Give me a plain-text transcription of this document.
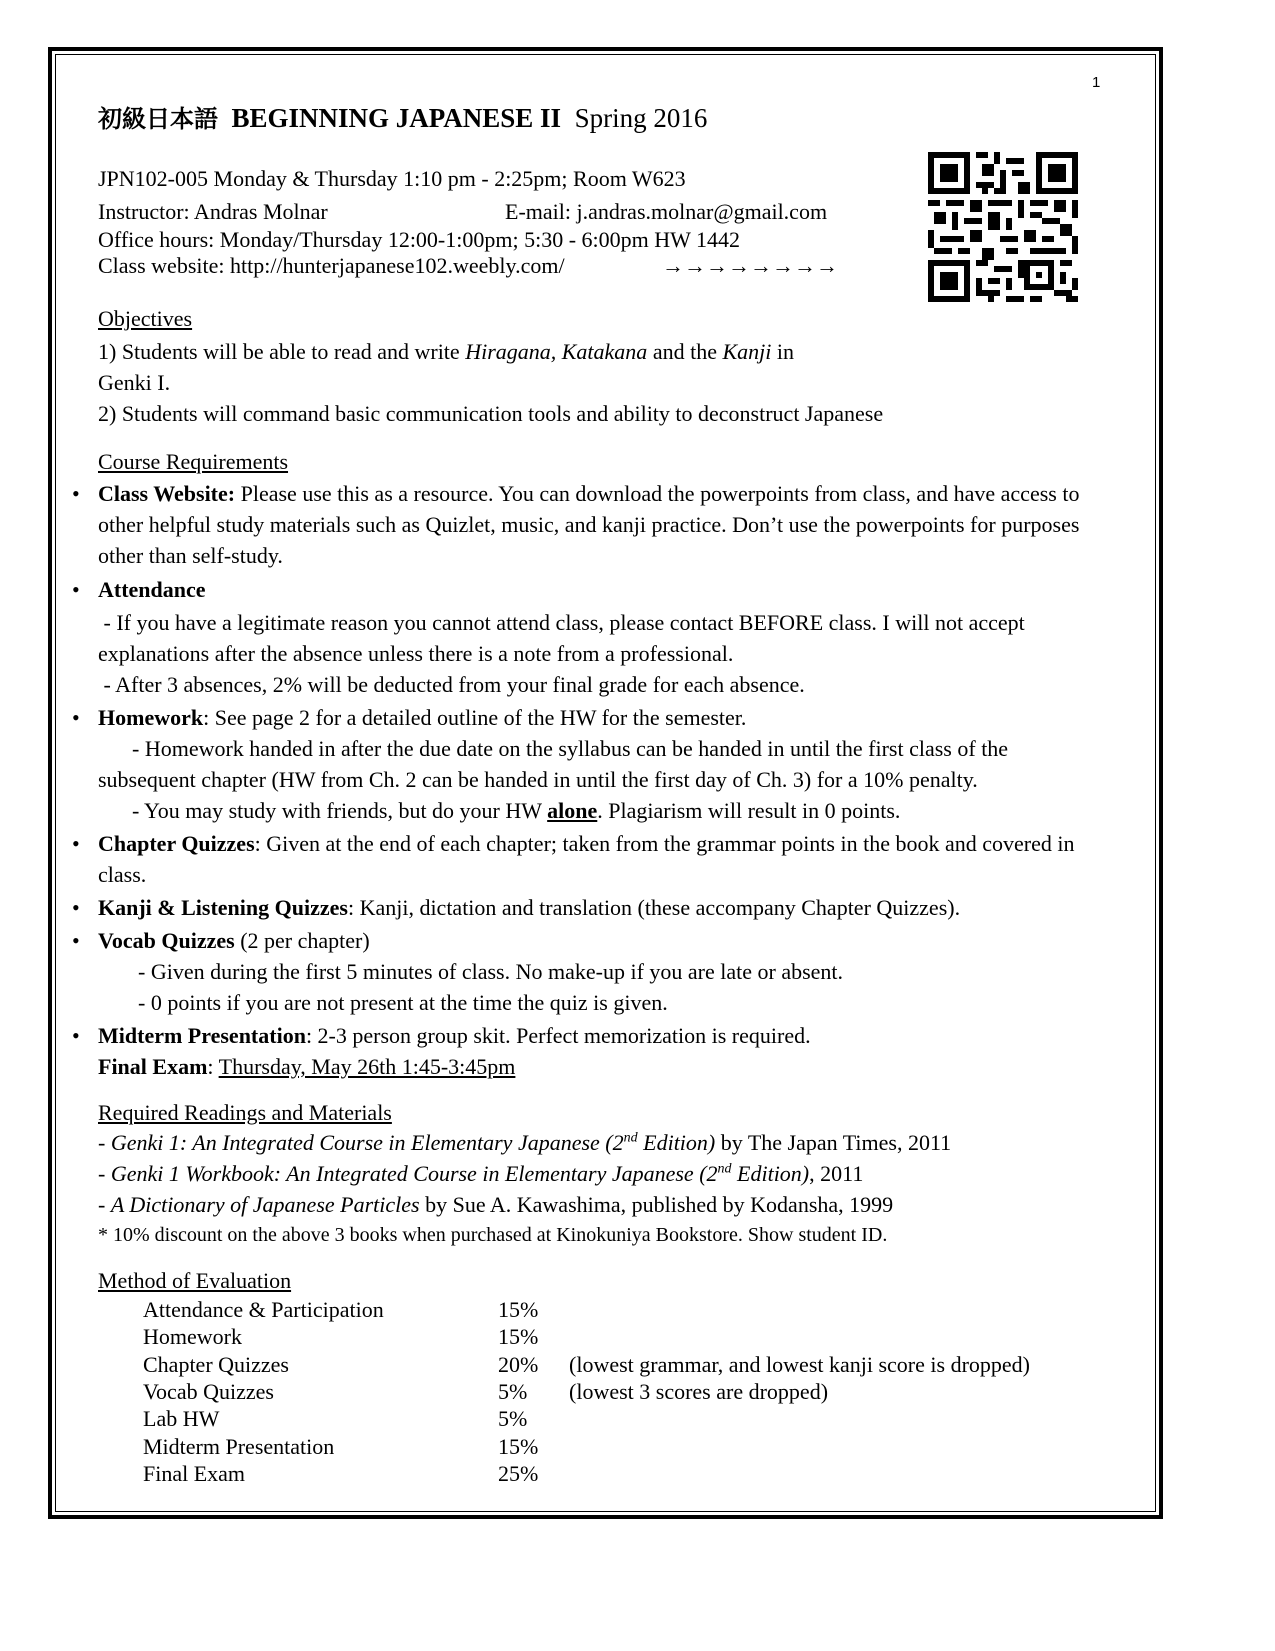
1
初級日本語 BEGINNING JAPANESE II Spring 2016
JPN102-005 Monday & Thursday 1:10 pm - 2:25pm; Room W623
Instructor: Andras Molnar	E-mail: j.andras.molnar@gmail.com
Office hours: Monday/Thursday 12:00-1:00pm; 5:30 - 6:00pm HW 1442
Class website: http://hunterjapanese102.weebly.com/	→→→→→→→→
Objectives
1) Students will be able to read and write Hiragana, Katakana and the Kanji in
Genki I.
2) Students will command basic communication tools and ability to deconstruct Japanese
Course Requirements
• Class Website: Please use this as a resource. You can download the powerpoints from class, and have access to other helpful study materials such as Quizlet, music, and kanji practice. Don’t use the powerpoints for purposes other than self-study.
• Attendance
- If you have a legitimate reason you cannot attend class, please contact BEFORE class. I will not accept explanations after the absence unless there is a note from a professional.
- After 3 absences, 2% will be deducted from your final grade for each absence.
• Homework: See page 2 for a detailed outline of the HW for the semester.
- Homework handed in after the due date on the syllabus can be handed in until the first class of the subsequent chapter (HW from Ch. 2 can be handed in until the first day of Ch. 3) for a 10% penalty.
- You may study with friends, but do your HW alone. Plagiarism will result in 0 points.
• Chapter Quizzes: Given at the end of each chapter; taken from the grammar points in the book and covered in class.
• Kanji & Listening Quizzes: Kanji, dictation and translation (these accompany Chapter Quizzes).
• Vocab Quizzes (2 per chapter)
- Given during the first 5 minutes of class. No make-up if you are late or absent.
- 0 points if you are not present at the time the quiz is given.
• Midterm Presentation: 2-3 person group skit. Perfect memorization is required.
Final Exam: Thursday, May 26th 1:45-3:45pm
Required Readings and Materials
- Genki 1: An Integrated Course in Elementary Japanese (2nd Edition) by The Japan Times, 2011
- Genki 1 Workbook: An Integrated Course in Elementary Japanese (2nd Edition), 2011
- A Dictionary of Japanese Particles by Sue A. Kawashima, published by Kodansha, 1999
* 10% discount on the above 3 books when purchased at Kinokuniya Bookstore. Show student ID.
Method of Evaluation
Attendance & Participation	15%
Homework	15%
Chapter Quizzes	20% (lowest grammar, and lowest kanji score is dropped)
Vocab Quizzes	5% (lowest 3 scores are dropped)
Lab HW	5%
Midterm Presentation	15%
Final Exam	25%
